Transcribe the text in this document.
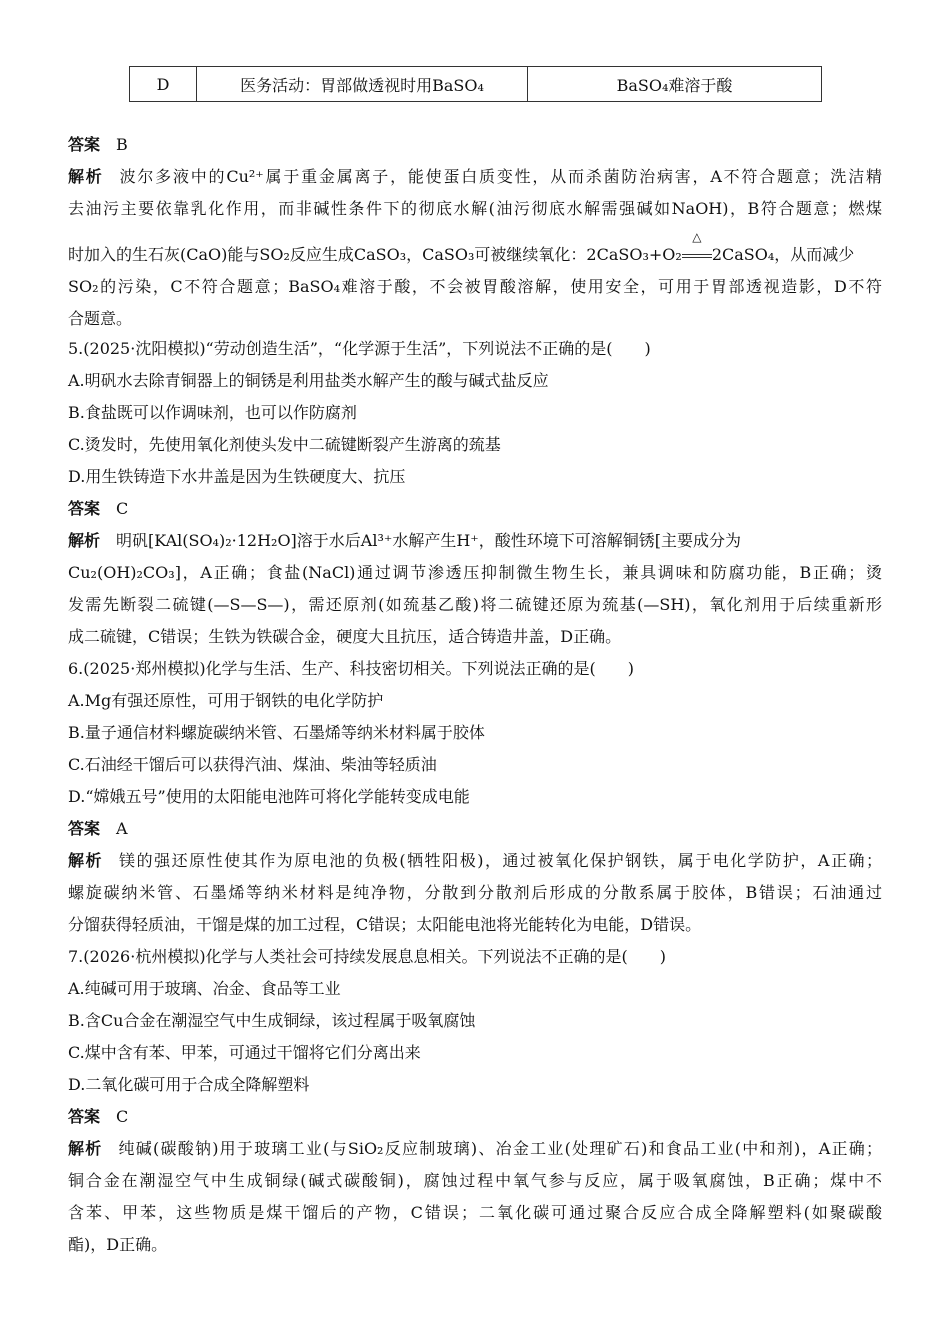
D	医务活动：胃部做透视时用BaSO₄	BaSO₄难溶于酸
答案 B
解析 波尔多液中的Cu²⁺属于重金属离子，能使蛋白质变性，从而杀菌防治病害，A不符合题意；洗洁精
去油污主要依靠乳化作用，而非碱性条件下的彻底水解(油污彻底水解需强碱如NaOH)，B符合题意；燃煤
时加入的生石灰(CaO)能与SO₂反应生成CaSO₃，CaSO₃可被继续氧化：2CaSO₃+O₂
△
2CaSO₄，从而减少
SO₂的污染，C不符合题意；BaSO₄难溶于酸，不会被胃酸溶解，使用安全，可用于胃部透视造影，D不符
合题意。
5.(2025·沈阳模拟)“劳动创造生活”，“化学源于生活”，下列说法不正确的是(　　)
A.明矾水去除青铜器上的铜锈是利用盐类水解产生的酸与碱式盐反应
B.食盐既可以作调味剂，也可以作防腐剂
C.烫发时，先使用氧化剂使头发中二硫键断裂产生游离的巯基
D.用生铁铸造下水井盖是因为生铁硬度大、抗压
答案 C
解析 明矾[KAl(SO₄)₂·12H₂O]溶于水后Al³⁺水解产生H⁺，酸性环境下可溶解铜锈[主要成分为
Cu₂(OH)₂CO₃]，A正确；食盐(NaCl)通过调节渗透压抑制微生物生长，兼具调味和防腐功能，B正确；烫
发需先断裂二硫键(—S—S—)，需还原剂(如巯基乙酸)将二硫键还原为巯基(—SH)，氧化剂用于后续重新形
成二硫键，C错误；生铁为铁碳合金，硬度大且抗压，适合铸造井盖，D正确。
6.(2025·郑州模拟)化学与生活、生产、科技密切相关。下列说法正确的是(　　)
A.Mg有强还原性，可用于钢铁的电化学防护
B.量子通信材料螺旋碳纳米管、石墨烯等纳米材料属于胶体
C.石油经干馏后可以获得汽油、煤油、柴油等轻质油
D.“嫦娥五号”使用的太阳能电池阵可将化学能转变成电能
答案 A
解析 镁的强还原性使其作为原电池的负极(牺牲阳极)，通过被氧化保护钢铁，属于电化学防护，A正确；
螺旋碳纳米管、石墨烯等纳米材料是纯净物，分散到分散剂后形成的分散系属于胶体，B错误；石油通过
分馏获得轻质油，干馏是煤的加工过程，C错误；太阳能电池将光能转化为电能，D错误。
7.(2026·杭州模拟)化学与人类社会可持续发展息息相关。下列说法不正确的是(　　)
A.纯碱可用于玻璃、冶金、食品等工业
B.含Cu合金在潮湿空气中生成铜绿，该过程属于吸氧腐蚀
C.煤中含有苯、甲苯，可通过干馏将它们分离出来
D.二氧化碳可用于合成全降解塑料
答案 C
解析 纯碱(碳酸钠)用于玻璃工业(与SiO₂反应制玻璃)、冶金工业(处理矿石)和食品工业(中和剂)，A正确；
铜合金在潮湿空气中生成铜绿(碱式碳酸铜)，腐蚀过程中氧气参与反应，属于吸氧腐蚀，B正确；煤中不
含苯、甲苯，这些物质是煤干馏后的产物，C错误；二氧化碳可通过聚合反应合成全降解塑料(如聚碳酸
酯)，D正确。
